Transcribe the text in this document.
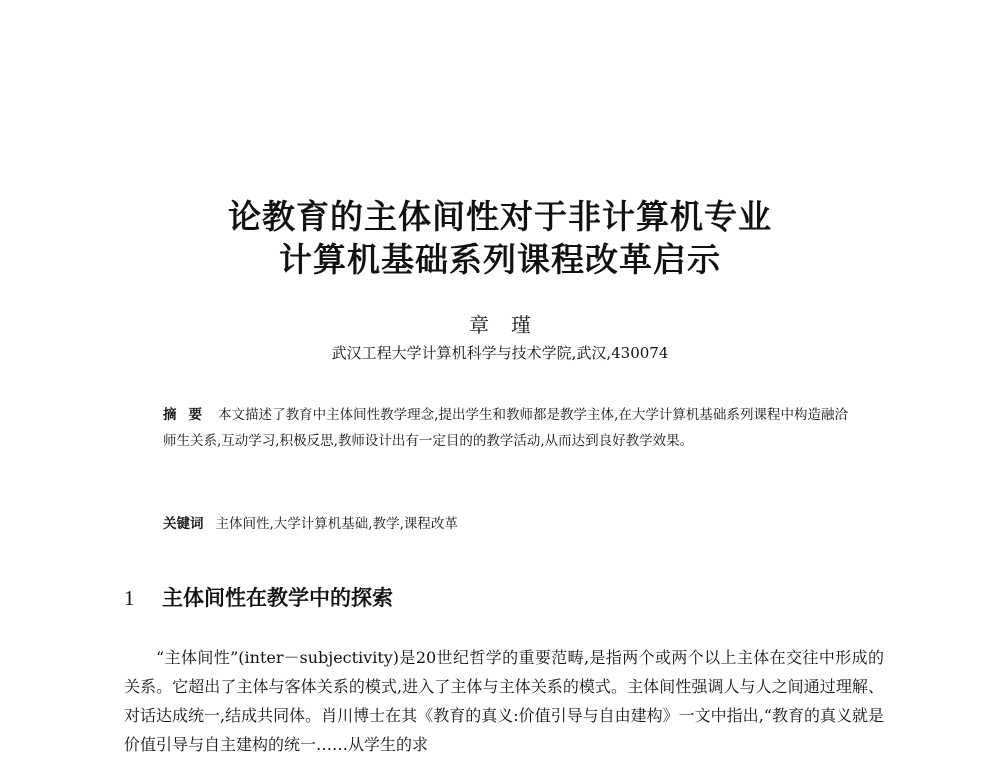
论教育的主体间性对于非计算机专业
计算机基础系列课程改革启示
章瑾
武汉工程大学计算机科学与技术学院,武汉,430074
摘要 本文描述了教育中主体间性教学理念,提出学生和教师都是教学主体,在大学计算机基础系列课程中构造融洽师生关系,互动学习,积极反思,教师设计出有一定目的的教学活动,从而达到良好教学效果。
关键词 主体间性,大学计算机基础,教学,课程改革
1 主体间性在教学中的探索

“主体间性”(inter－subjectivity)是20世纪哲学的重要范畴,是指两个或两个以上主体在交往中形成的关系。它超出了主体与客体关系的模式,进入了主体与主体关系的模式。主体间性强调人与人之间通过理解、对话达成统一,结成共同体。肖川博士在其《教育的真义:价值引导与自由建构》一文中指出,“教育的真义就是价值引导与自主建构的统一……从学生的求
